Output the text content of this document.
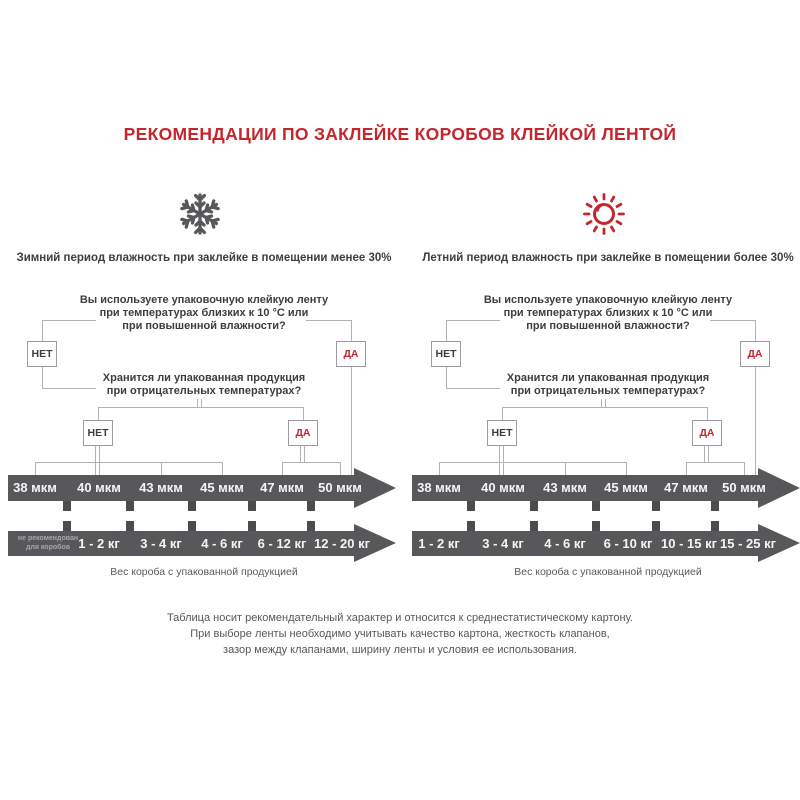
РЕКОМЕНДАЦИИ ПО ЗАКЛЕЙКЕ КОРОБОВ КЛЕЙКОЙ ЛЕНТОЙ
Зимний период влажность при заклейке в помещении менее 30%
Вы используете упаковочную клейкую ленту
при температурах близких к 10 °С или
при повышенной влажности?
НЕТ	ДА
Хранится ли упакованная продукция
при отрицательных температурах?
НЕТ	ДА
38 мкм 40 мкм 43 мкм 45 мкм 47 мкм 50 мкм
не рекомендован
для коробов 1 - 2 кг 3 - 4 кг 4 - 6 кг 6 - 12 кг 12 - 20 кг
Вес короба с упакованной продукцией
Летний период влажность при заклейке в помещении более 30%
Вы используете упаковочную клейкую ленту
при температурах близких к 10 °С или
при повышенной влажности?
НЕТ	ДА
Хранится ли упакованная продукция
при отрицательных температурах?
НЕТ	ДА
38 мкм 40 мкм 43 мкм 45 мкм 47 мкм 50 мкм
1 - 2 кг 3 - 4 кг 4 - 6 кг 6 - 10 кг 10 - 15 кг 15 - 25 кг
Вес короба с упакованной продукцией
Таблица носит рекомендательный характер и относится к среднестатистическому картону.
При выборе ленты необходимо учитывать качество картона, жесткость клапанов,
зазор между клапанами, ширину ленты и условия ее использования.
